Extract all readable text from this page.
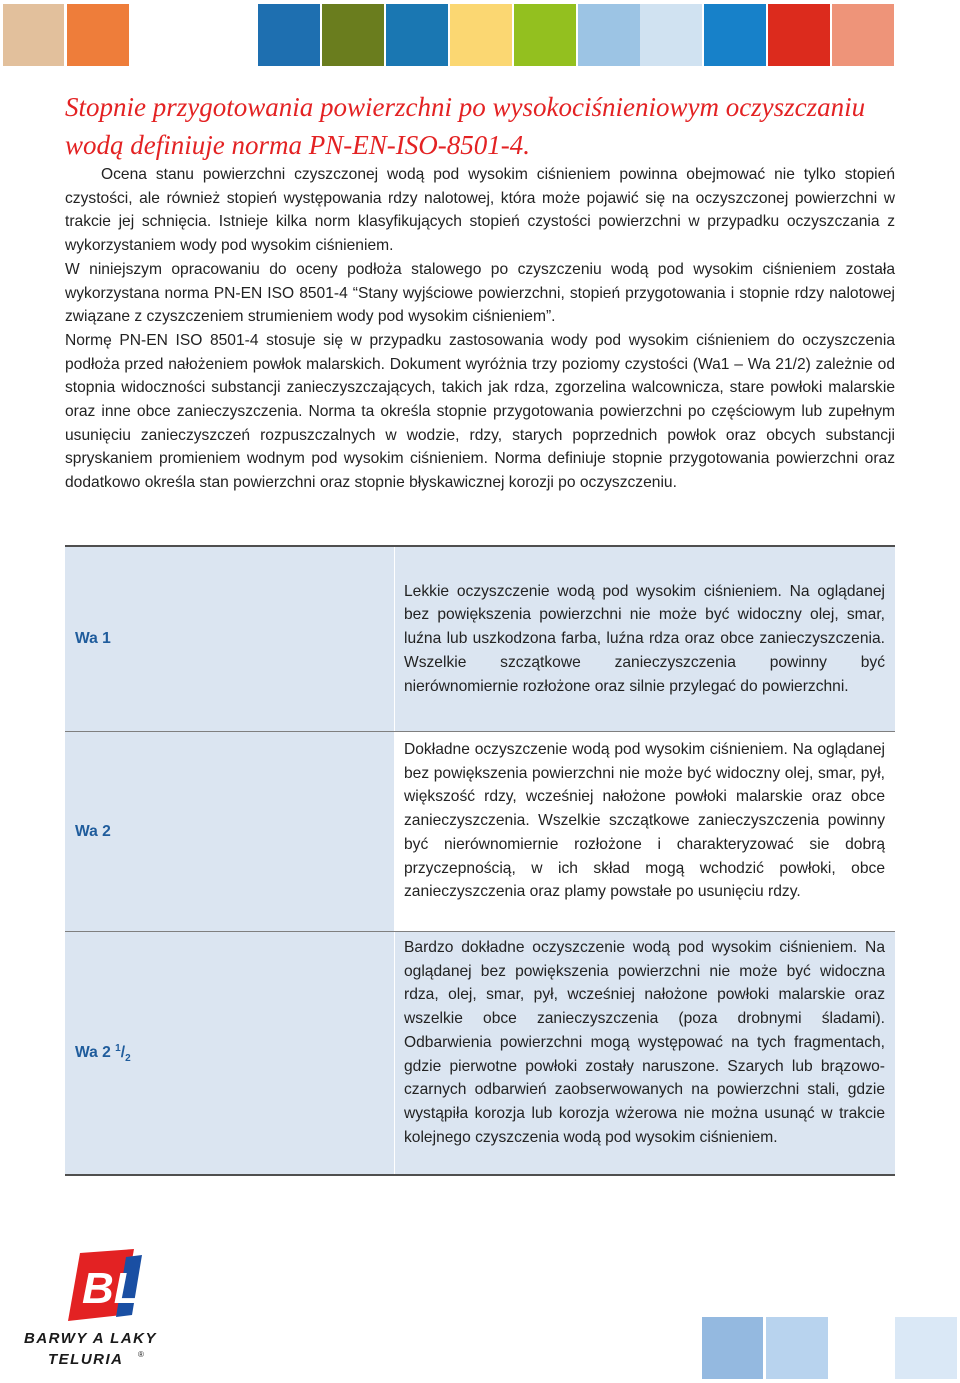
Stopnie przygotowania powierzchni po wysokociśnieniowym oczyszczaniu wodą definiuje norma PN-EN-ISO-8501-4.

Ocena stanu powierzchni czyszczonej wodą pod wysokim ciśnieniem powinna obejmować nie tylko stopień czystości, ale również stopień występowania rdzy nalotowej, która może pojawić się na oczyszczonej powierzchni w trakcie jej schnięcia. Istnieje kilka norm klasyfikujących stopień czystości powierzchni w przypadku oczyszczania z wykorzystaniem wody pod wysokim ciśnieniem.

W niniejszym opracowaniu do oceny podłoża stalowego po czyszczeniu wodą pod wysokim ciśnieniem została wykorzystana norma PN-EN ISO 8501-4 “Stany wyjściowe powierzchni, stopień przygotowania i stopnie rdzy nalotowej związane z czyszczeniem strumieniem wody pod wysokim ciśnieniem”.

Normę PN-EN ISO 8501-4 stosuje się w przypadku zastosowania wody pod wysokim ciśnieniem do oczyszczenia podłoża przed nałożeniem powłok malarskich. Dokument wyróżnia trzy poziomy czystości (Wa1 – Wa 21/2) zależnie od stopnia widoczności substancji zanieczyszczających, takich jak rdza, zgorzelina walcownicza, stare powłoki malarskie oraz inne obce zanieczyszczenia. Norma ta określa stopnie przygotowania powierzchni po częściowym lub zupełnym usunięciu zanieczyszczeń rozpuszczalnych w wodzie, rdzy, starych poprzednich powłok oraz obcych substancji spryskaniem promieniem wodnym pod wysokim ciśnieniem. Norma definiuje stopnie przygotowania powierzchni oraz dodatkowo określa stan powierzchni oraz stopnie błyskawicznej korozji po oczyszczeniu.

Wa 1	Lekkie oczyszczenie wodą pod wysokim ciśnieniem. Na oglądanej bez powiększenia powierzchni nie może być widoczny olej, smar, luźna lub uszkodzona farba, luźna rdza oraz obce zanieczyszczenia. Wszelkie szczątkowe zanieczyszczenia powinny być nierównomiernie rozłożone oraz silnie przylegać do powierzchni.
Wa 2	Dokładne oczyszczenie wodą pod wysokim ciśnieniem. Na oglądanej bez powiększenia powierzchni nie może być widoczny olej, smar, pył, większość rdzy, wcześniej nałożone powłoki malarskie oraz obce zanieczyszczenia. Wszelkie szczątkowe zanieczyszczenia powinny być nierównomiernie rozłożone i charakteryzować sie dobrą przyczepnością, w ich skład mogą wchodzić powłoki, obce zanieczyszczenia oraz plamy powstałe po usunięciu rdzy.
Wa 2 $^1/_2$	Bardzo dokładne oczyszczenie wodą pod wysokim ciśnieniem. Na oglądanej bez powiększenia powierzchni nie może być widoczna rdza, olej, smar, pył, wcześniej nałożone powłoki malarskie oraz wszelkie obce zanieczyszczenia (poza drobnymi śladami). Odbarwienia powierzchni mogą występować na tych fragmentach, gdzie pierwotne powłoki zostały naruszone. Szarych lub brązowo-czarnych odbarwień zaobserwowanych na powierzchni stali, gdzie wystąpiła korozja lub korozja wżerowa nie można usunąć w trakcie kolejnego czyszczenia wodą pod wysokim ciśnieniem.
BL
BARWY A LAKY
TELURIA ®
